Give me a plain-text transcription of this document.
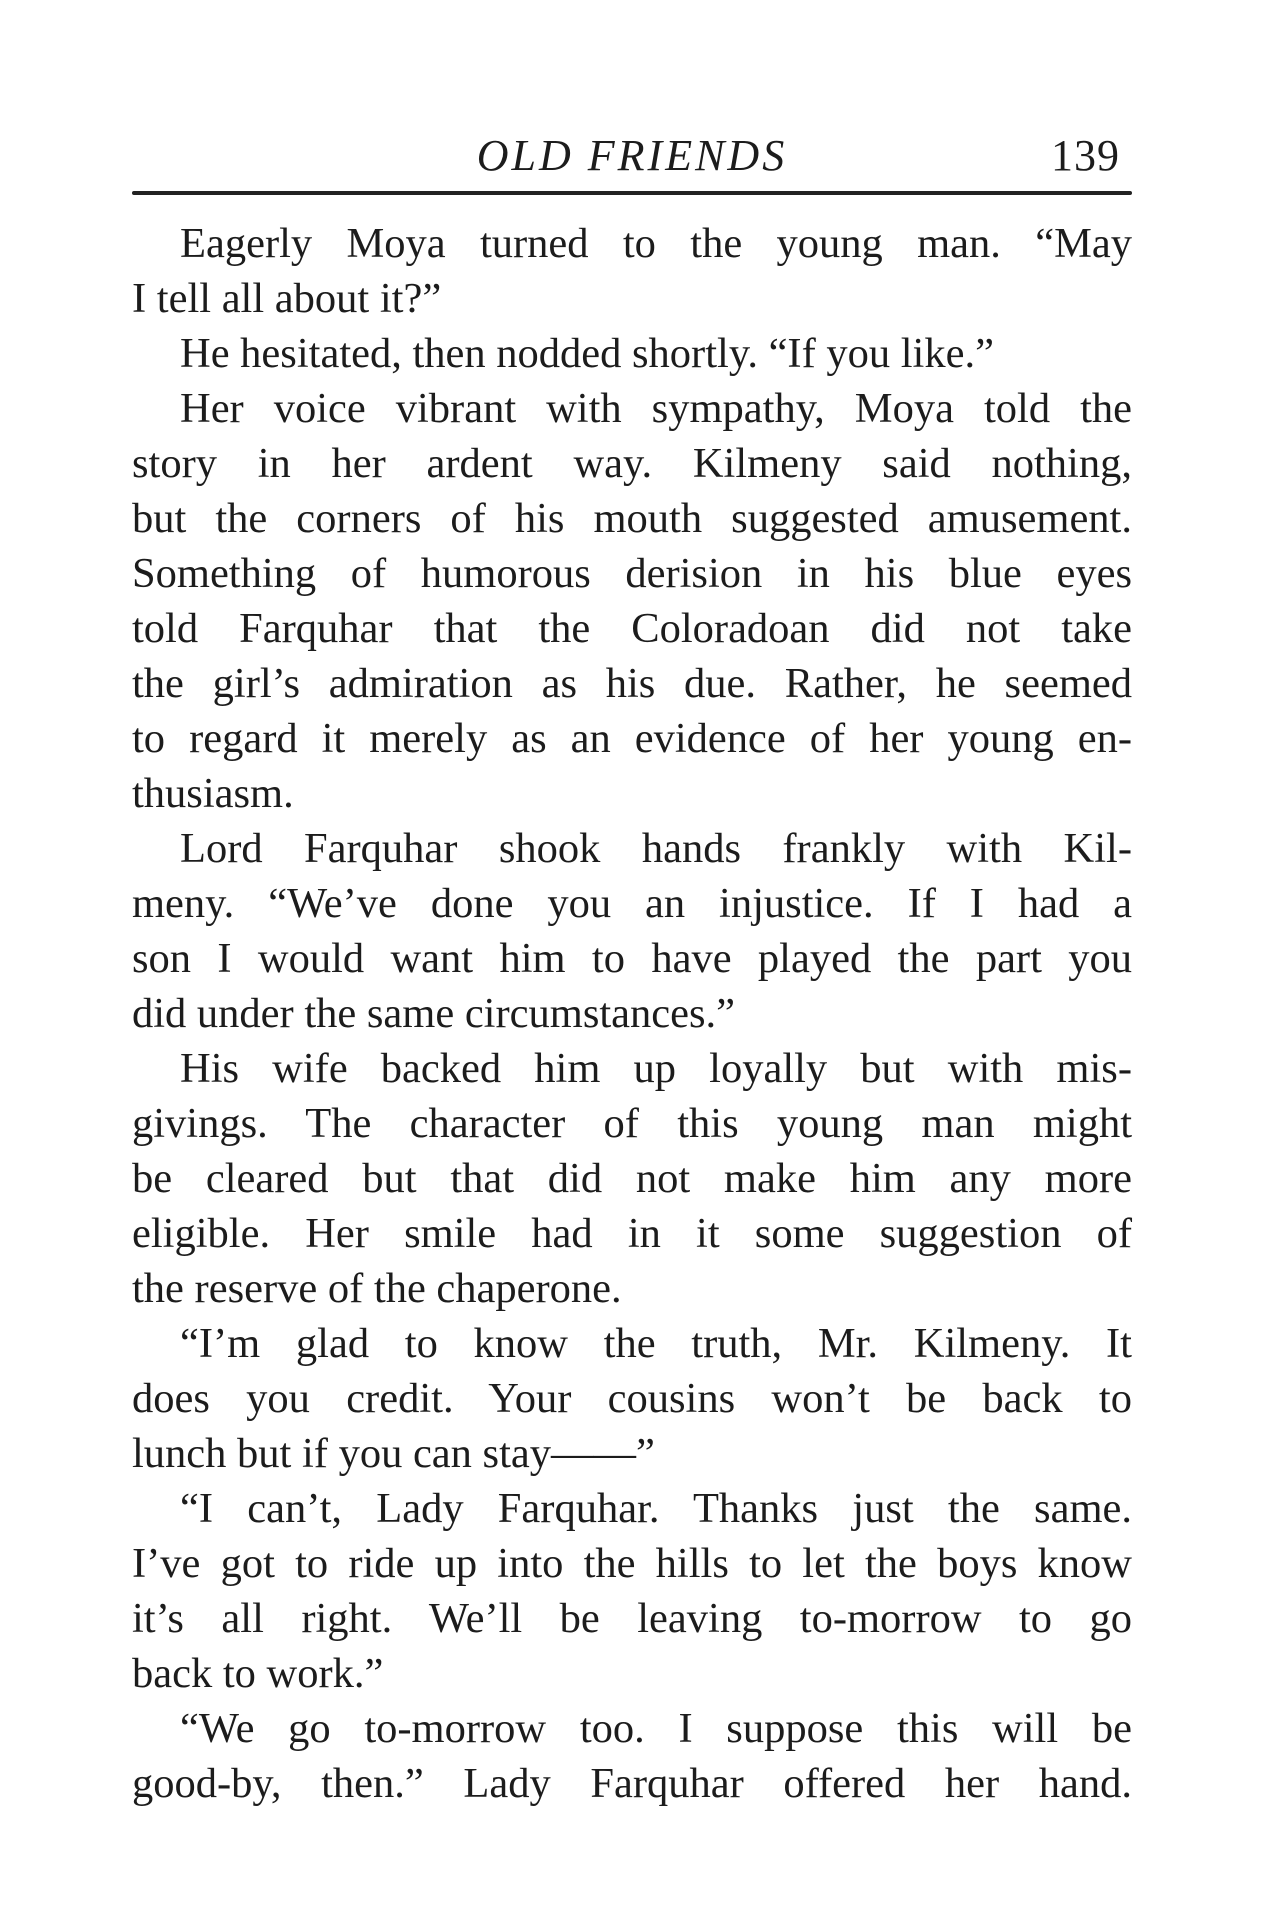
OLD FRIENDS	139
Eagerly Moya turned to the young man. “May
I tell all about it?”
He hesitated, then nodded shortly. “If you like.”
Her voice vibrant with sympathy, Moya told the
story in her ardent way. Kilmeny said nothing,
but the corners of his mouth suggested amusement.
Something of humorous derision in his blue eyes
told Farquhar that the Coloradoan did not take
the girl’s admiration as his due. Rather, he seemed
to regard it merely as an evidence of her young en-
thusiasm.
Lord Farquhar shook hands frankly with Kil-
meny. “We’ve done you an injustice. If I had a
son I would want him to have played the part you
did under the same circumstances.”
His wife backed him up loyally but with mis-
givings. The character of this young man might
be cleared but that did not make him any more
eligible. Her smile had in it some suggestion of
the reserve of the chaperone.
“I’m glad to know the truth, Mr. Kilmeny. It
does you credit. Your cousins won’t be back to
lunch but if you can stay——”
“I can’t, Lady Farquhar. Thanks just the same.
I’ve got to ride up into the hills to let the boys know
it’s all right. We’ll be leaving to-morrow to go
back to work.”
“We go to-morrow too. I suppose this will be
good-by, then.” Lady Farquhar offered her hand.
